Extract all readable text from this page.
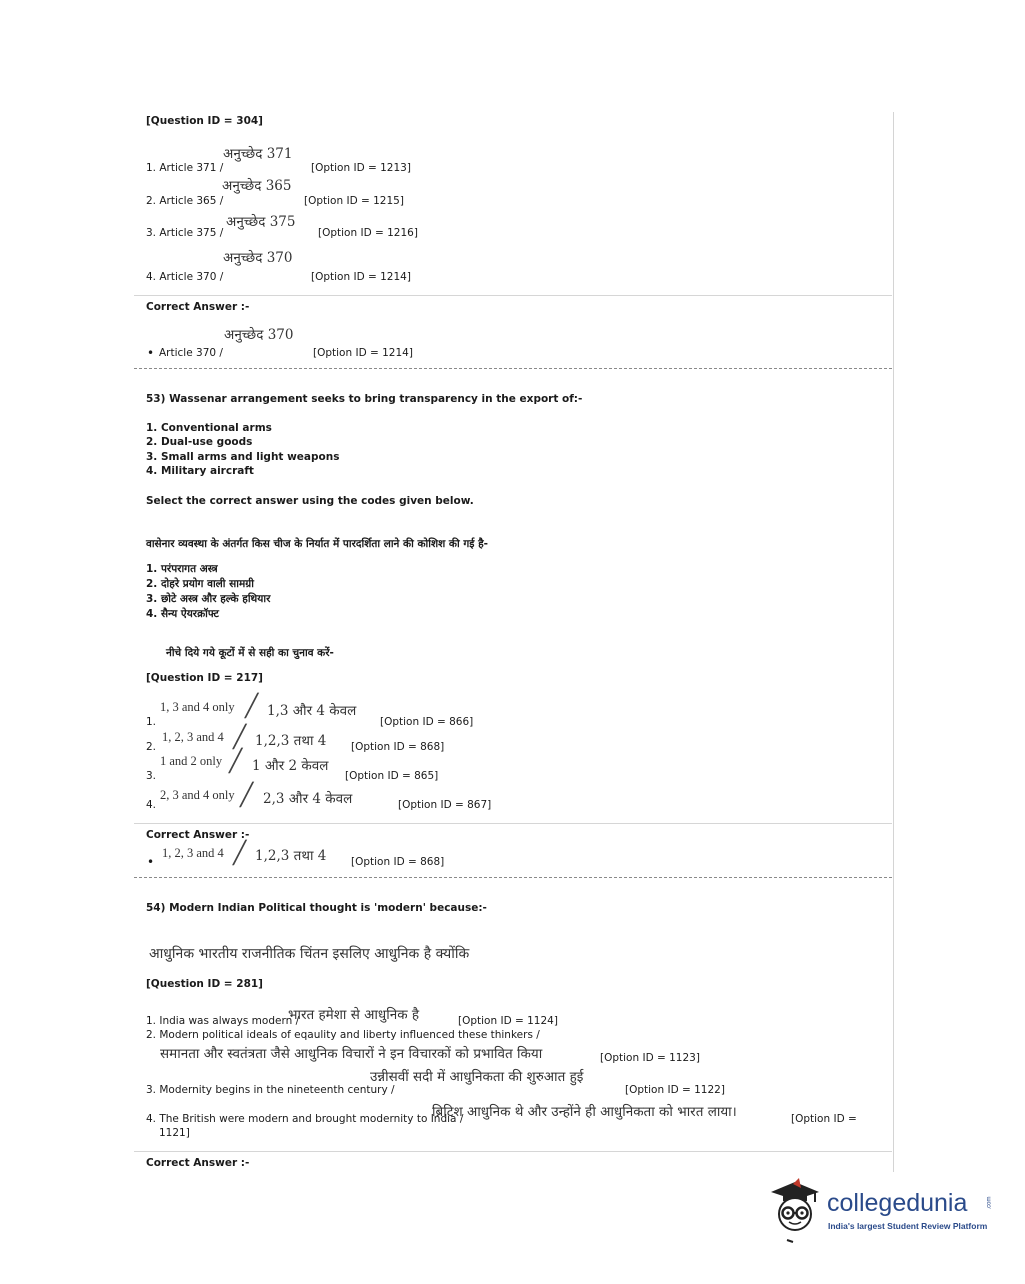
[Question ID = 304]
अनुच्छेद 371
1. Article 371 /	[Option ID = 1213]
अनुच्छेद 365
2. Article 365 /	[Option ID = 1215]
अनुच्छेद 375
3. Article 375 /	[Option ID = 1216]
अनुच्छेद 370
4. Article 370 /	[Option ID = 1214]
Correct Answer :-
अनुच्छेद 370
• Article 370 /	[Option ID = 1214]
53) Wassenar arrangement seeks to bring transparency in the export of:-
1. Conventional arms
2. Dual-use goods
3. Small arms and light weapons
4. Military aircraft
Select the correct answer using the codes given below.
वासेनार व्यवस्था के अंतर्गत किस चीज के निर्यात में पारदर्शिता लाने की कोशिश की गई है-
1. परंपरागत अस्त्र
2. दोहरे प्रयोग वाली सामग्री
3. छोटे अस्त्र और हल्के हथियार
4. सैन्य ऐयरक्रॉफ्ट
नीचे दिये गये कूटों में से सही का चुनाव करें-
[Question ID = 217]
1, 3 and 4 only ╱ 1,3 और 4 केवल
1.	[Option ID = 866]
1, 2, 3 and 4 ╱ 1,2,3 तथा 4
2.	[Option ID = 868]
1 and 2 only ╱ 1 और 2 केवल
3.	[Option ID = 865]
2, 3 and 4 only ╱ 2,3 और 4 केवल
4.	[Option ID = 867]
Correct Answer :-
1, 2, 3 and 4 ╱ 1,2,3 तथा 4
•	[Option ID = 868]
54) Modern Indian Political thought is 'modern' because:-
आधुनिक भारतीय राजनीतिक चिंतन इसलिए आधुनिक है क्योंकि
[Question ID = 281]
1. India was always modern /
भारत हमेशा से आधुनिक है	[Option ID = 1124]
2. Modern political ideals of eqaulity and liberty influenced these thinkers /
समानता और स्वतंत्रता जैसे आधुनिक विचारों ने इन विचारकों को प्रभावित किया	[Option ID = 1123]
उन्नीसवीं सदी में आधुनिकता की शुरुआत हुई
3. Modernity begins in the nineteenth century /	[Option ID = 1122]
4. The British were modern and brought modernity to India /
ब्रिटिश आधुनिक थे और उन्होंने ही आधुनिकता को भारत लाया।	[Option ID =
1121]
Correct Answer :-
collegedunia	.com
India's largest Student Review Platform
